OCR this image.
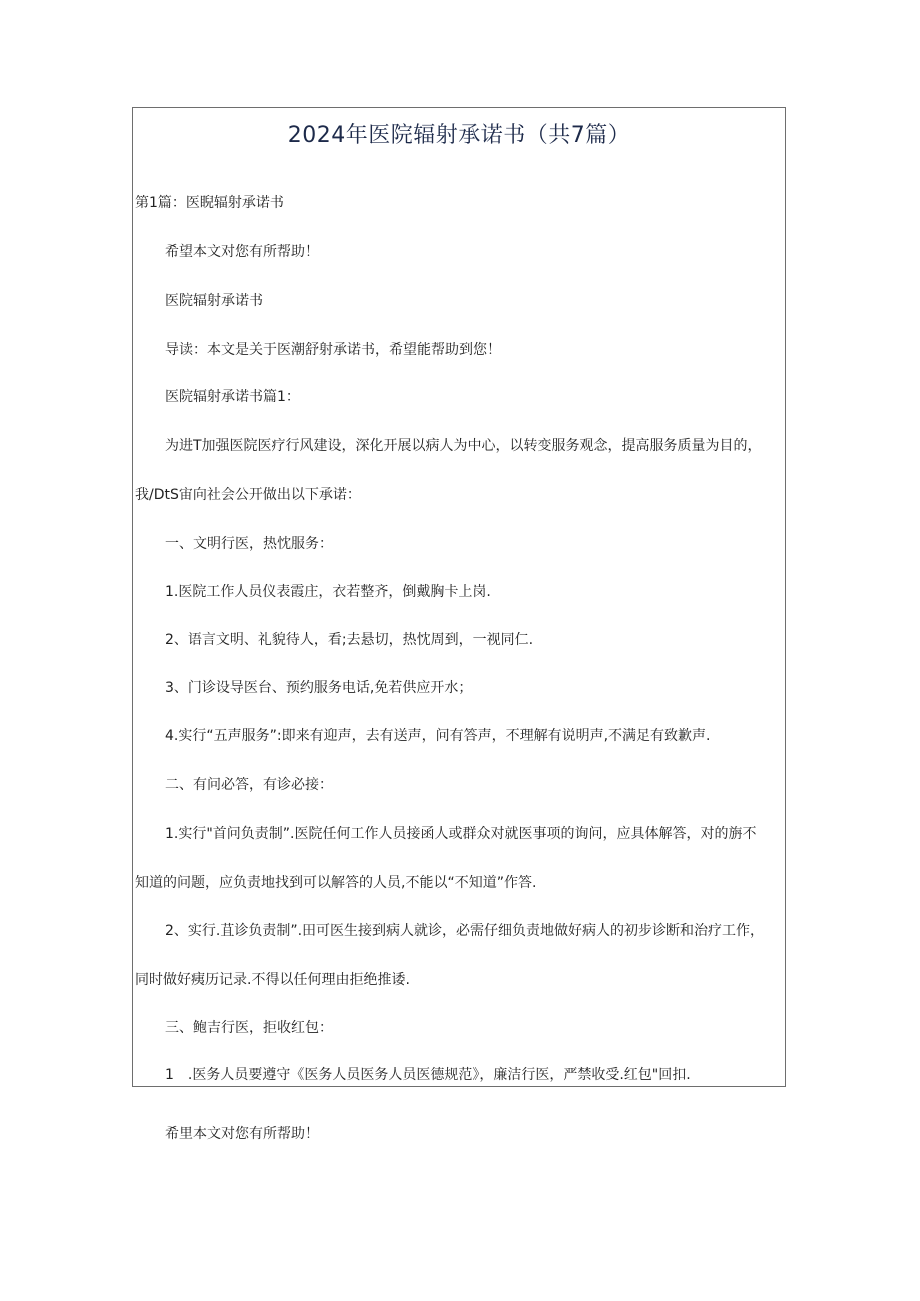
2024年医院辐射承诺书（共7篇）
第1篇：医睨辐射承诺书
希望本文对您有所帮助！
医院辐射承诺书
导读：本文是关于医潮舒射承诺书，希望能帮助到您！
医院辐射承诺书篇1：
为进T加强医院医疗行风建设，深化开展以病人为中心，以转变服务观念，提高服务质量为目的，
我/DtS宙向社会公开做出以下承诺：
一、文明行医，热忱服务：
1.医院工作人员仪表霞庄，衣若整齐，倒戴胸卡上岗.
2、语言文明、礼貌待人，看;去悬切，热忱周到，一视同仁.
3、门诊设导医台、预约服务电话,免若供应开水；
4.实行“五声服务”:即来有迎声，去有送声，问有答声，不理解有说明声,不满足有致歉声.
二、有问必答，有诊必接：
1.实行"首问负责制”.医院任何工作人员接函人或群众对就医事项的询问，应具体解答，对的旃不
知道的问题，应负责地找到可以解答的人员,不能以“不知道”作答.
2、实行.苴诊负责制”.田可医生接到病人就诊，必需仔细负责地做好病人的初步诊断和治疗工作，
同时做好痍历记录.不得以任何理由拒绝推诿.
三、鲍吉行医，拒收红包：
1　.医务人员要遵守《医务人员医务人员医德规范》，廉洁行医，严禁收受.红包"回扣.
希里本文对您有所帮助！
